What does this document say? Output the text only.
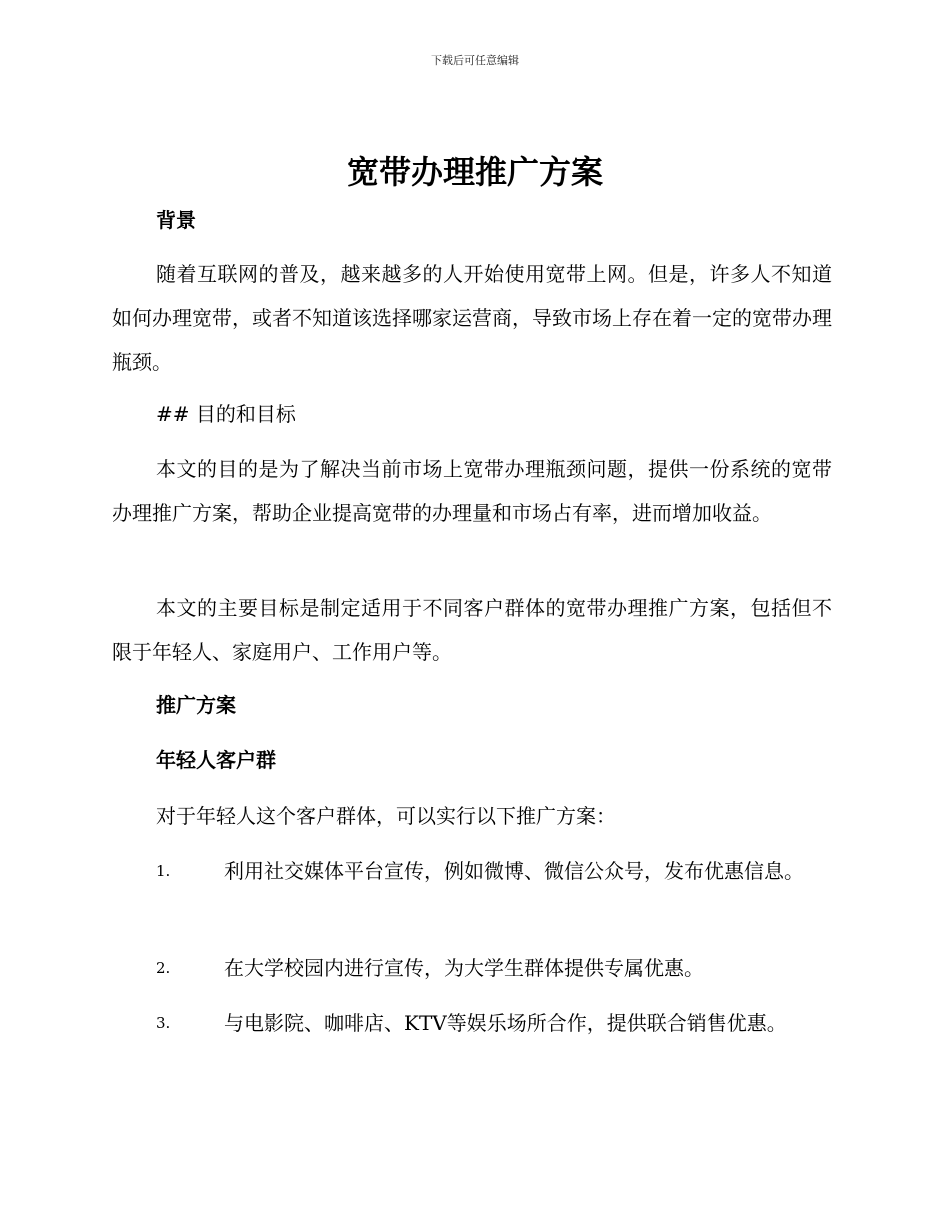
下载后可任意编辑
宽带办理推广方案
背景

随着互联网的普及，越来越多的人开始使用宽带上网。但是，许多人不知道如何办理宽带，或者不知道该选择哪家运营商，导致市场上存在着一定的宽带办理瓶颈。

## 目的和目标

本文的目的是为了解决当前市场上宽带办理瓶颈问题，提供一份系统的宽带办理推广方案，帮助企业提高宽带的办理量和市场占有率，进而增加收益。

本文的主要目标是制定适用于不同客户群体的宽带办理推广方案，包括但不限于年轻人、家庭用户、工作用户等。

推广方案
年轻人客户群

对于年轻人这个客户群体，可以实行以下推广方案：

1.	利用社交媒体平台宣传，例如微博、微信公众号，发布优惠信息。
2.	在大学校园内进行宣传，为大学生群体提供专属优惠。
3.	与电影院、咖啡店、KTV等娱乐场所合作，提供联合销售优惠。
